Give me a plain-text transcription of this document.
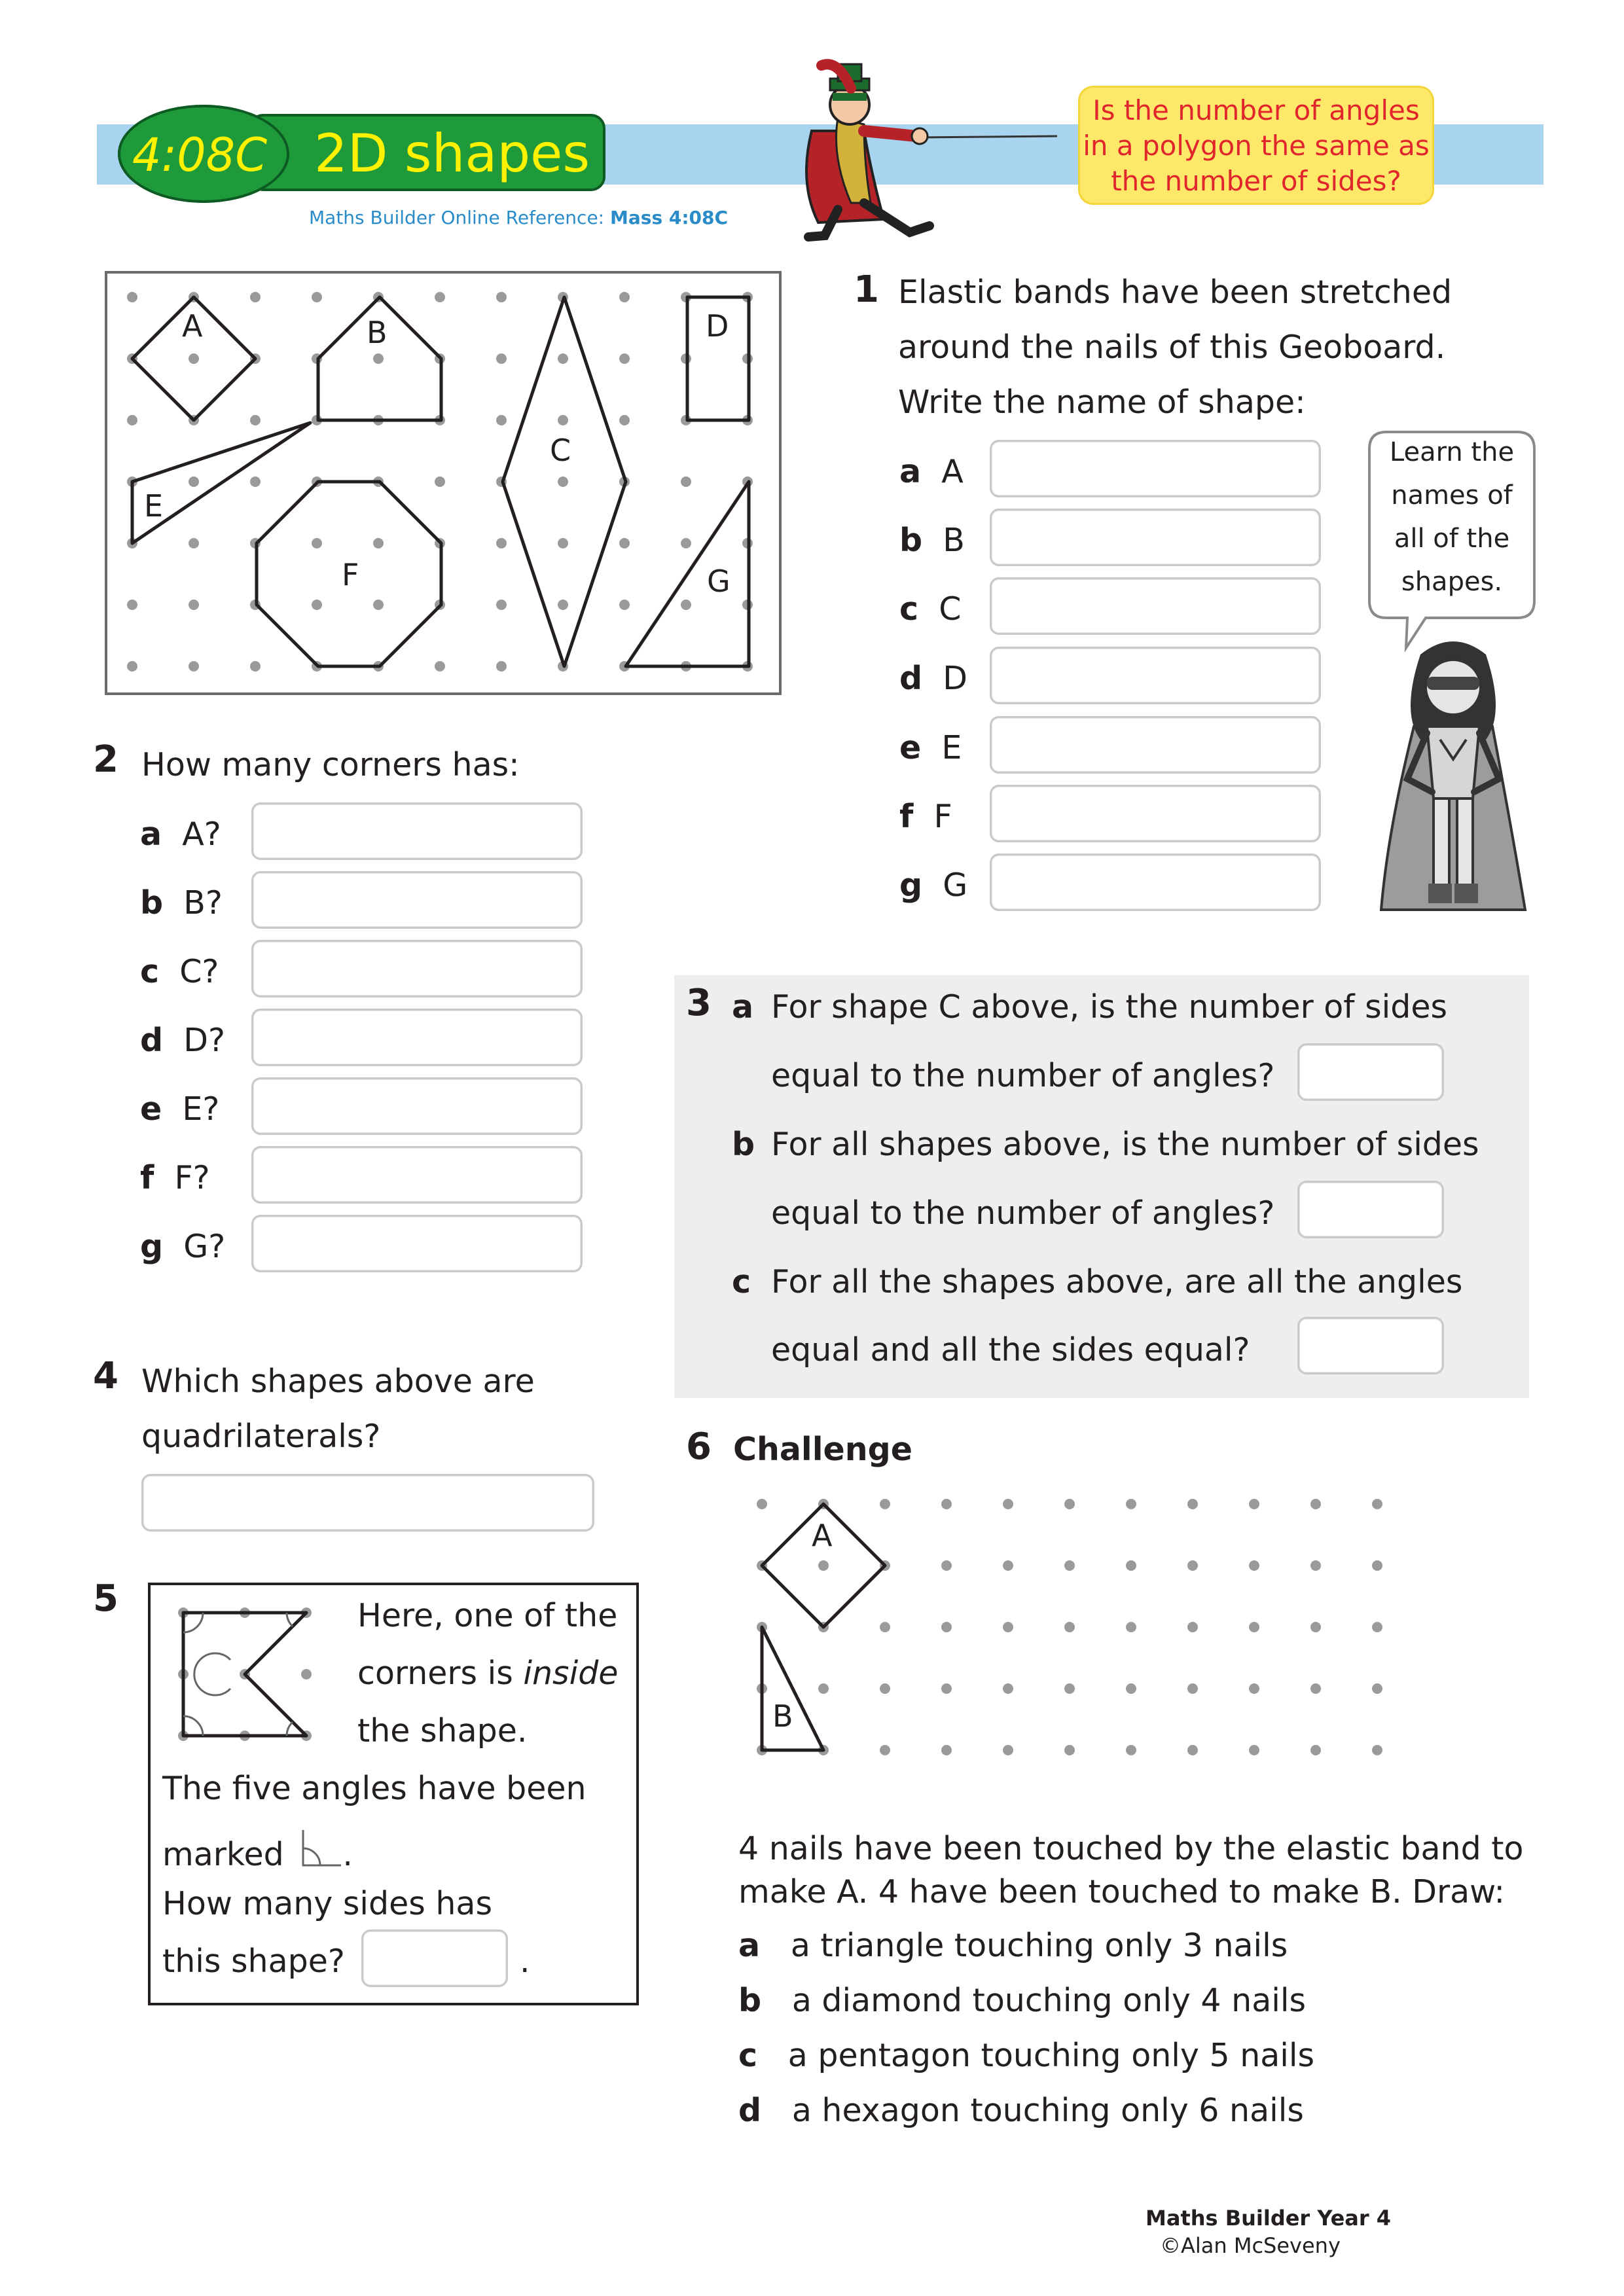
4:08C 2D shapes
Maths Builder Online Reference: Mass 4:08C
Is the number of angles
in a polygon the same as
the number of sides?
A	B
C
D
E
F	G
1 Elastic bands have been stretched
around the nails of this Geoboard.
Write the name of shape:
a A
b B
c C
d D
e E
f F
g G
Learn the
names of
all of the
shapes.
2 How many corners has:
a A?
b B?
c C?
d D?
e E?
f F?
g G?
3 a For shape C above, is the number of sides
equal to the number of angles?
b For all shapes above, is the number of sides
equal to the number of angles?
c For all the shapes above, are all the angles
equal and all the sides equal?
4 Which shapes above are
quadrilaterals?
5	Here, one of the
corners is inside
the shape.
The five angles have been
marked .
How many sides has
this shape?	.
6 Challenge
A
B
4 nails have been touched by the elastic band to
make A. 4 have been touched to make B. Draw:
a a triangle touching only 3 nails
b a diamond touching only 4 nails
c a pentagon touching only 5 nails
d a hexagon touching only 6 nails
Maths Builder Year 4
©Alan McSeveny
